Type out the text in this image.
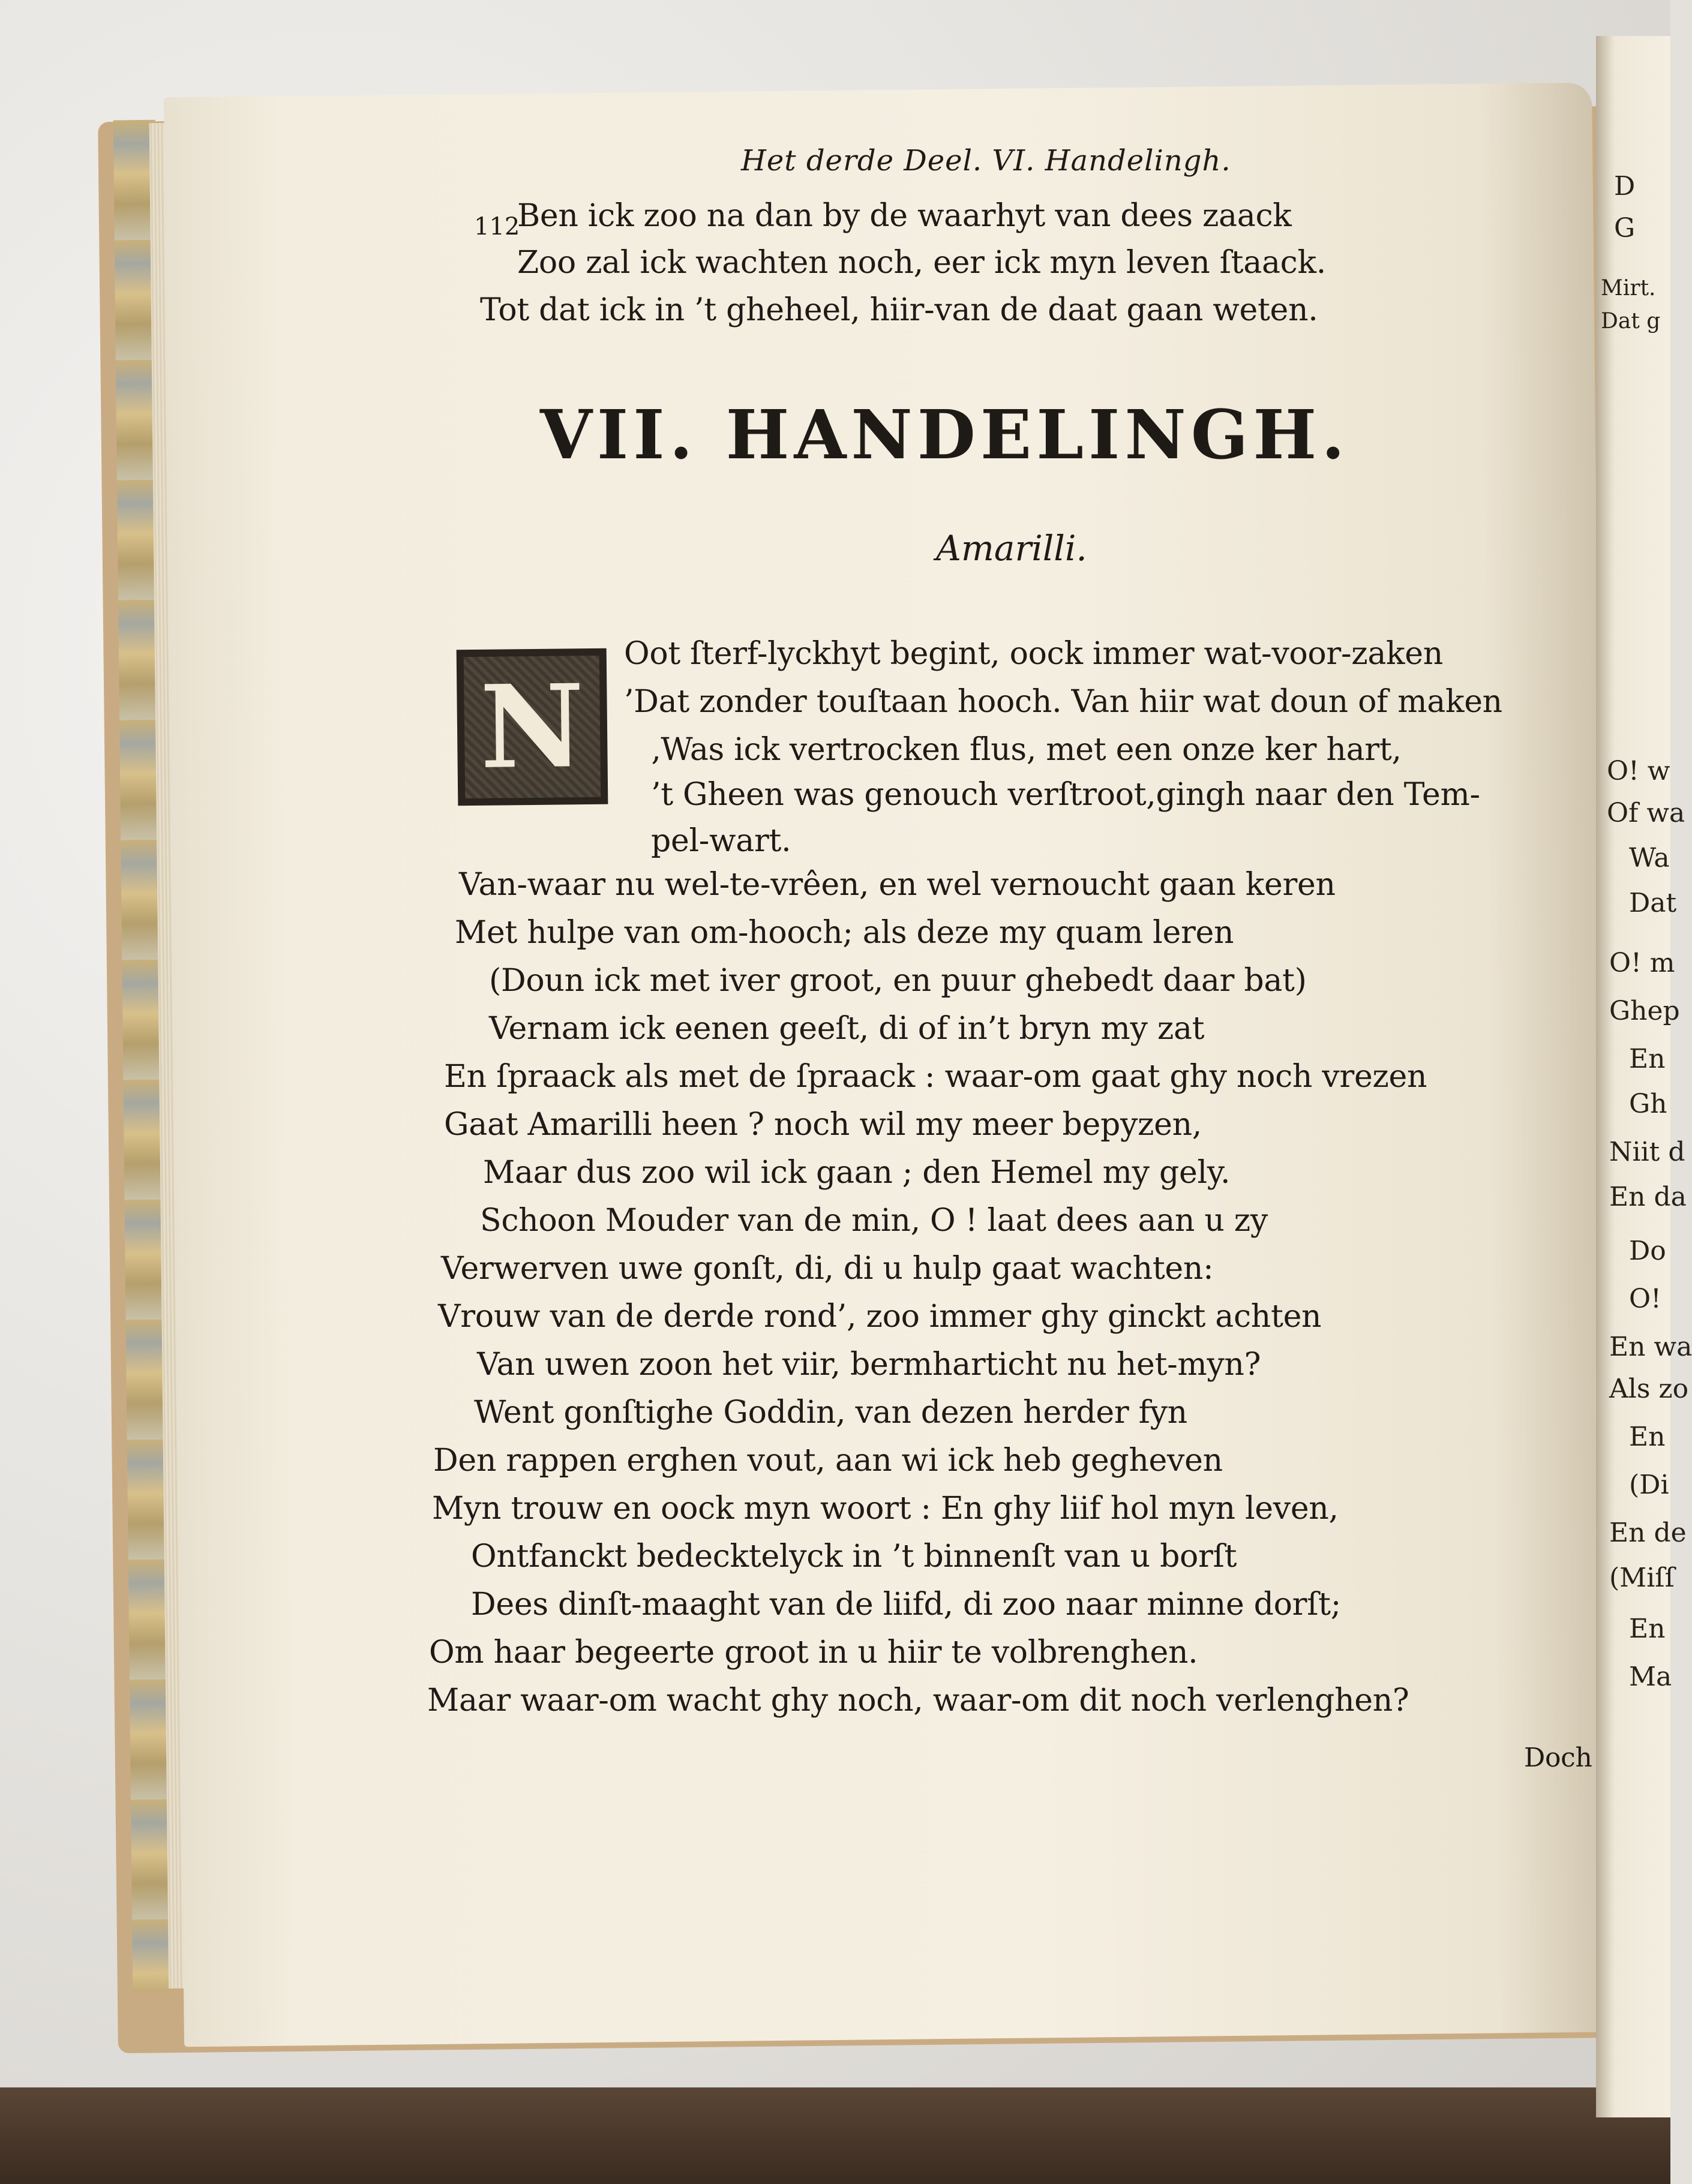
D
G
Mirt.
Dat g
O! w
Of wa
Wa
Dat
O! m
Ghep
En
Gh
Niit d
En da
Do
O!
En wa
Als zo
En
(Di
En de
(Miſſ
En
Ma
112
Het derde Deel. VI. Handelingh.
Ben ick zoo na dan by de waarhyt van dees zaack
Zoo zal ick wachten noch, eer ick myn leven ſtaack.
Tot dat ick in ’t gheheel, hiir-van de daat gaan weten.
VII. HANDELINGH.
Amarilli.
N
Oot ſterf-lyckhyt begint, oock immer wat-voor-zaken
’Dat zonder touſtaan hooch. Van hiir wat doun of maken
‚Was ick vertrocken flus, met een onze ker hart,
’t Gheen was genouch verſtroot,gingh naar den Tem-
pel-wart.
Van-waar nu wel-te-vrêen, en wel vernoucht gaan keren
Met hulpe van om-hooch; als deze my quam leren
(Doun ick met iver groot, en puur ghebedt daar bat)
Vernam ick eenen geeſt, di of in’t bryn my zat
En ſpraack als met de ſpraack : waar-om gaat ghy noch vrezen
Gaat Amarilli heen ? noch wil my meer bepyzen,
Maar dus zoo wil ick gaan ; den Hemel my gely.
Schoon Mouder van de min, O ! laat dees aan u zy
Verwerven uwe gonſt, di, di u hulp gaat wachten:
Vrouw van de derde rond’, zoo immer ghy ginckt achten
Van uwen zoon het viir, bermharticht nu het-myn?
Went gonſtighe Goddin, van dezen herder fyn
Den rappen erghen vout, aan wi ick heb gegheven
Myn trouw en oock myn woort : En ghy liif hol myn leven,
Ontfanckt bedecktelyck in ’t binnenſt van u borſt
Dees dinſt-maaght van de liifd, di zoo naar minne dorſt;
Om haar begeerte groot in u hiir te volbrenghen.
Maar waar-om wacht ghy noch, waar-om dit noch verlenghen?
Doch
